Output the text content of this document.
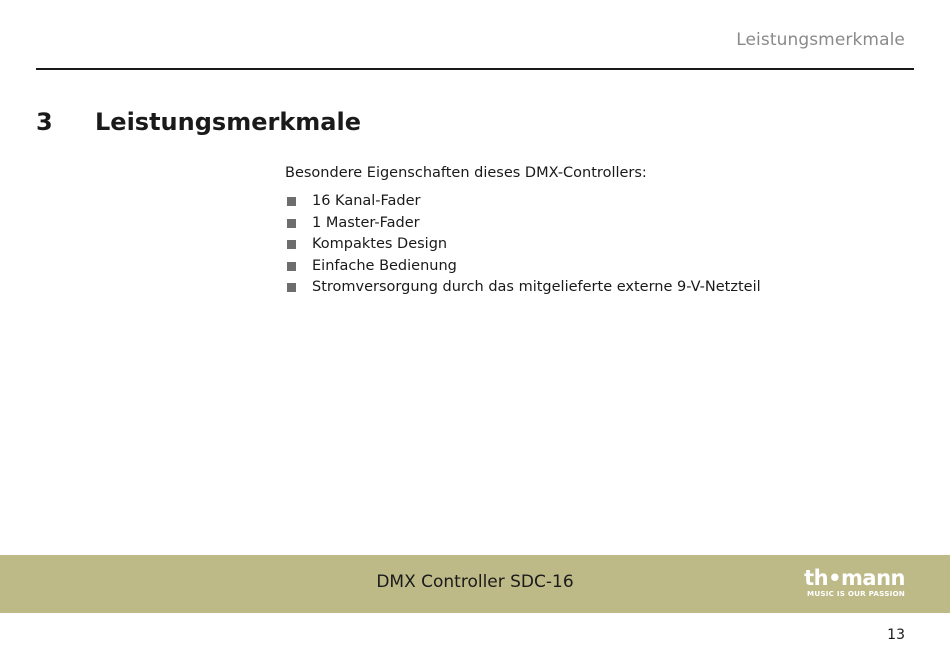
Leistungsmerkmale
3 Leistungsmerkmale

Besondere Eigenschaften dieses DMX-Controllers:

16 Kanal-Fader
1 Master-Fader
Kompaktes Design
Einfache Bedienung
Stromversorgung durch das mitgelieferte externe 9-V-Netzteil
DMX Controller SDC-16	th•mann
MUSIC IS OUR PASSION
13
